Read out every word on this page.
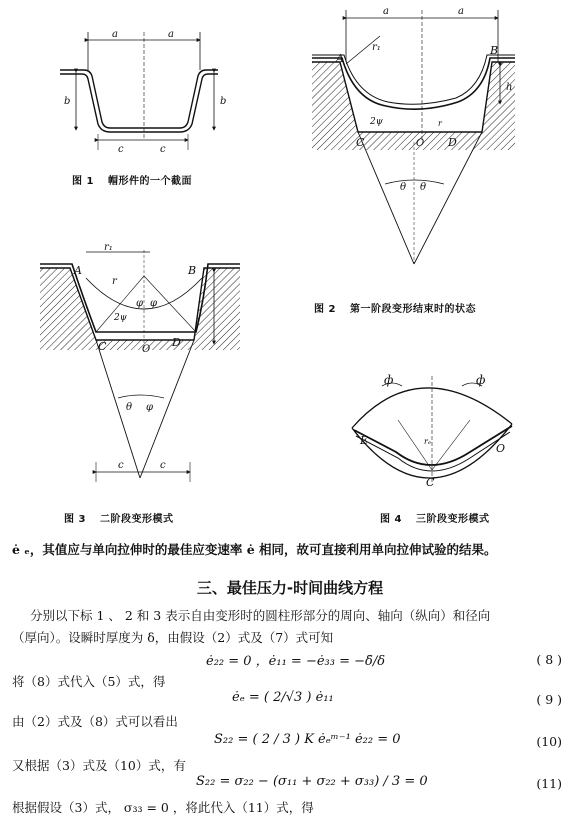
a	a
b	b
c	c
a	a
A
B
C	D
O
r₁
r
h
2ψ
θ θ
A	B
C	D
O
r₁
r
φ φ
2ψ
θ φ
c	c
E
C
O
ф	ф
rₑ
图 1 帽形件的一个截面
图 2 第一阶段变形结束时的状态
图 3 二阶段变形模式	图 4 三阶段变形模式
ė ₑ，其值应与单向拉伸时的最佳应变速率 ė 相同，故可直接利用单向拉伸试验的结果。
三、最佳压力-时间曲线方程
分别以下标 1 、 2 和 3 表示自由变形时的圆柱形部分的周向、轴向（纵向）和径向
（厚向）。设瞬时厚度为 δ，由假设（2）式及（7）式可知
ė₂₂ = 0 ，ė₁₁ = −ė₃₃ = −δ̇/δ	( 8 )
将（8）式代入（5）式，得
ėₑ = ( 2/√3 ) ė₁₁	( 9 )
由（2）式及（8）式可以看出
S₂₂ = ( 2 / 3 ) K ėₑᵐ⁻¹ ė₂₂ = 0	(10)
又根据（3）式及（10）式，有
S₂₂ = σ₂₂ − (σ₁₁ + σ₂₂ + σ₃₃) / 3 = 0	(11)
根据假设（3）式， σ₃₃ = 0 ，将此代入（11）式，得
